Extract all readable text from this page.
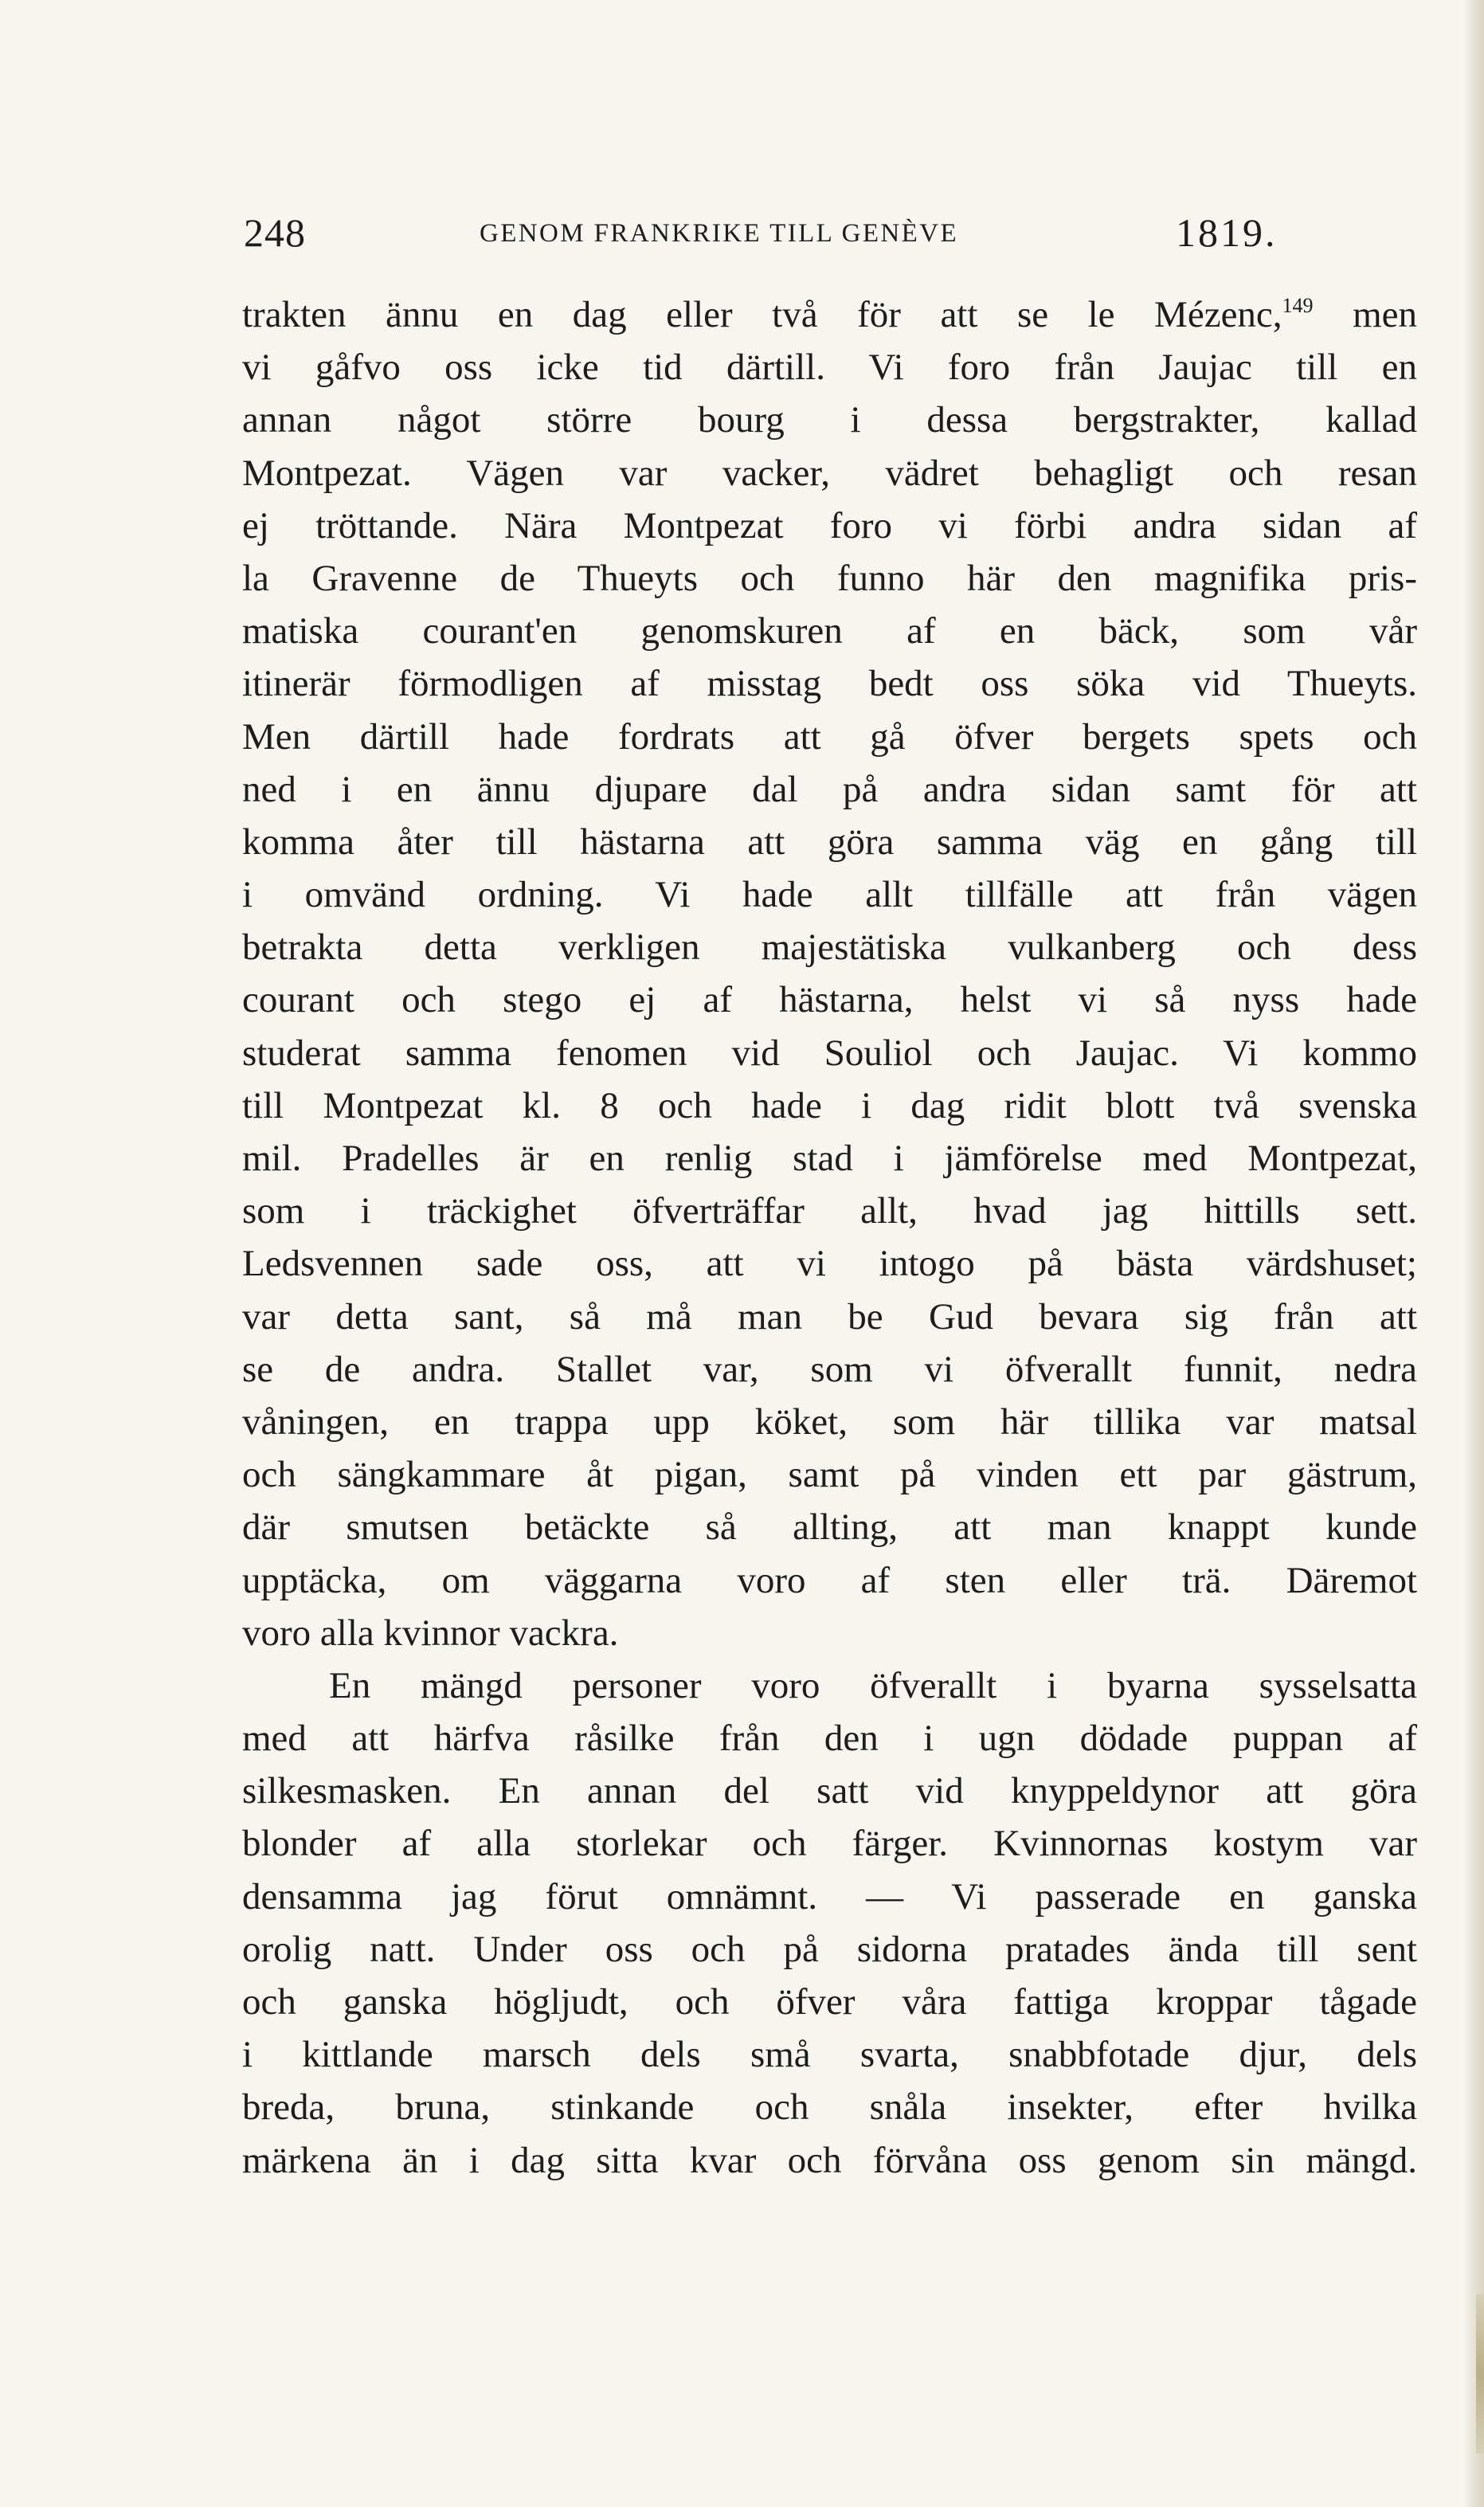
248	GENOM FRANKRIKE TILL GENÈVE	1819.
trakten ännu en dag eller två för att se le Mézenc,$^{149}$ men
vi gåfvo oss icke tid därtill. Vi foro från Jaujac till en
annan något större bourg i dessa bergstrakter, kallad
Montpezat. Vägen var vacker, vädret behagligt och resan
ej tröttande. Nära Montpezat foro vi förbi andra sidan af
la Gravenne de Thueyts och funno här den magnifika pris-
matiska courant'en genomskuren af en bäck, som vår
itinerär förmodligen af misstag bedt oss söka vid Thueyts.
Men därtill hade fordrats att gå öfver bergets spets och
ned i en ännu djupare dal på andra sidan samt för att
komma åter till hästarna att göra samma väg en gång till
i omvänd ordning. Vi hade allt tillfälle att från vägen
betrakta detta verkligen majestätiska vulkanberg och dess
courant och stego ej af hästarna, helst vi så nyss hade
studerat samma fenomen vid Souliol och Jaujac. Vi kommo
till Montpezat kl. 8 och hade i dag ridit blott två svenska
mil. Pradelles är en renlig stad i jämförelse med Montpezat,
som i träckighet öfverträffar allt, hvad jag hittills sett.
Ledsvennen sade oss, att vi intogo på bästa värdshuset;
var detta sant, så må man be Gud bevara sig från att
se de andra. Stallet var, som vi öfverallt funnit, nedra
våningen, en trappa upp köket, som här tillika var matsal
och sängkammare åt pigan, samt på vinden ett par gästrum,
där smutsen betäckte så allting, att man knappt kunde
upptäcka, om väggarna voro af sten eller trä. Däremot
voro alla kvinnor vackra.
En mängd personer voro öfverallt i byarna sysselsatta
med att härfva råsilke från den i ugn dödade puppan af
silkesmasken. En annan del satt vid knyppeldynor att göra
blonder af alla storlekar och färger. Kvinnornas kostym var
densamma jag förut omnämnt. — Vi passerade en ganska
orolig natt. Under oss och på sidorna pratades ända till sent
och ganska högljudt, och öfver våra fattiga kroppar tågade
i kittlande marsch dels små svarta, snabbfotade djur, dels
breda, bruna, stinkande och snåla insekter, efter hvilka
märkena än i dag sitta kvar och förvåna oss genom sin mängd.
